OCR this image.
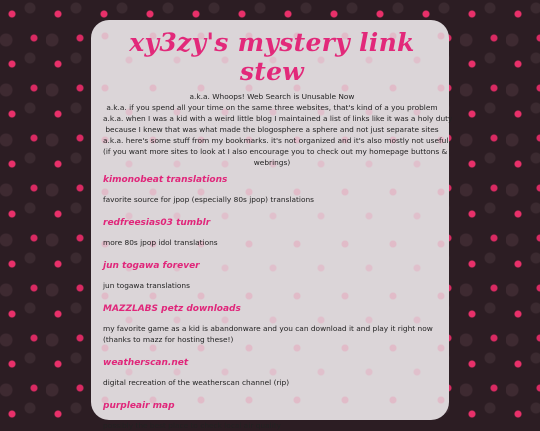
xy3zy's mystery link stew
a.k.a. Whoops! Web Search is Unusable Now
a.k.a. if you spend all your time on the same three websites, that's kind of a you problem
a.k.a. when I was a kid with a weird little blog I maintained a list of links like it was a holy duty
because I knew that was what made the blogosphere a sphere and not just separate sites
a.k.a. here's some stuff from my bookmarks. it's not organized and it's also mostly not useful.
(if you want more sites to look at I also encourage you to check out my homepage buttons &
webrings)
kimonobeat translations
favorite source for jpop (especially 80s jpop) translations
redfreesias03 tumblr
more 80s jpop idol translations
jun togawa forever
jun togawa translations
MAZZLABS petz downloads
my favorite game as a kid is abandonware and you can download it and play it right now (thanks to mazz for hosting these!)
weatherscan.net
digital recreation of the weatherscan channel (rip)
purpleair map
possibly the best place to check local air quality
